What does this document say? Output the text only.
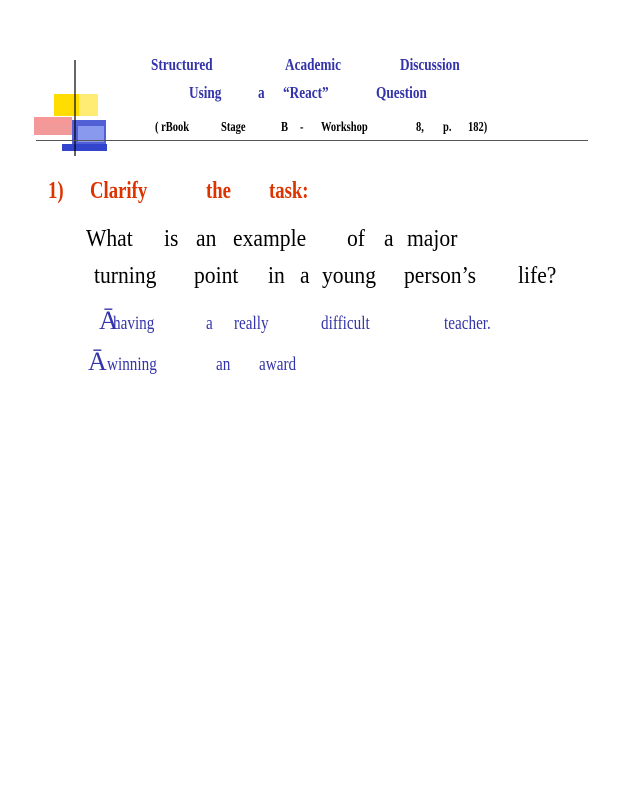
Structured	Academic	Discussion
Using a “React”	Question
( rBook Stage	B - Workshop	8, p. 182)
1) Clarify the task:
What is an example of a major
turning point in a young person’s life?
Ā
having	a really	difficult	teacher.
Ā winning	an award
